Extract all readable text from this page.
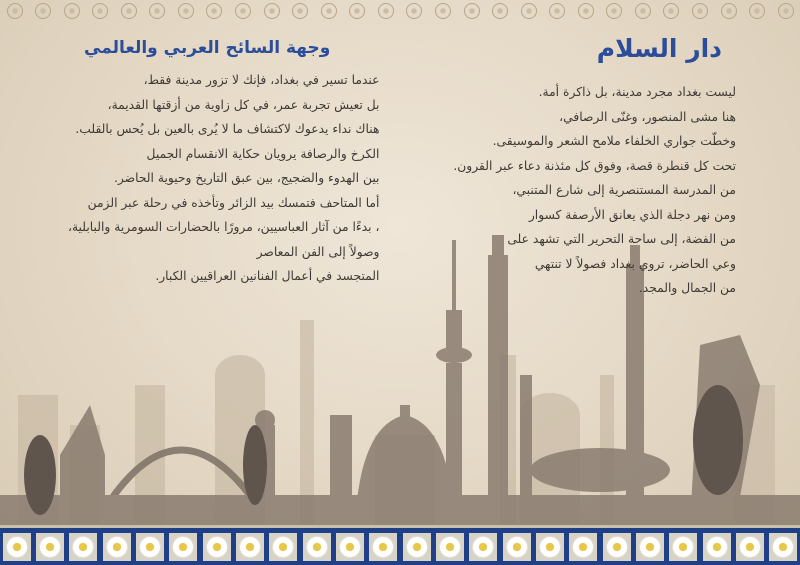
دار السلام
ليست بغداد مجرد مدينة، بل ذاكرة أمة.
هنا مشى المنصور، وغنّى الرصافي،
وخطّت جواري الخلفاء ملامح الشعر والموسيقى.
تحت كل قنطرة قصة، وفوق كل مئذنة دعاء عبر القرون.
من المدرسة المستنصرية إلى شارع المتنبي،
ومن نهر دجلة الذي يعانق الأرصفة كسوار
من الفضة، إلى ساحة التحرير التي تشهد على
وعي الحاضر، تروي بغداد فصولاً لا تنتهي
من الجمال والمجد.
وجهة السائح العربي والعالمي
عندما تسير في بغداد، فإنك لا تزور مدينة فقط،
بل تعيش تجربة عمر، في كل زاوية من أزقتها القديمة،
هناك نداء يدعوك لاكتشاف ما لا يُرى بالعين بل يُحس بالقلب.
الكرخ والرصافة يرويان حكاية الانقسام الجميل
بين الهدوء والضجيج، بين عبق التاريخ وحيوية الحاضر.
أما المتاحف فتمسك بيد الزائر وتأخذه في رحلة عبر الزمن
، بدءًا من آثار العباسيين، مرورًا بالحضارات السومرية والبابلية،
وصولاً إلى الفن المعاصر
المتجسد في أعمال الفنانين العراقيين الكبار.
